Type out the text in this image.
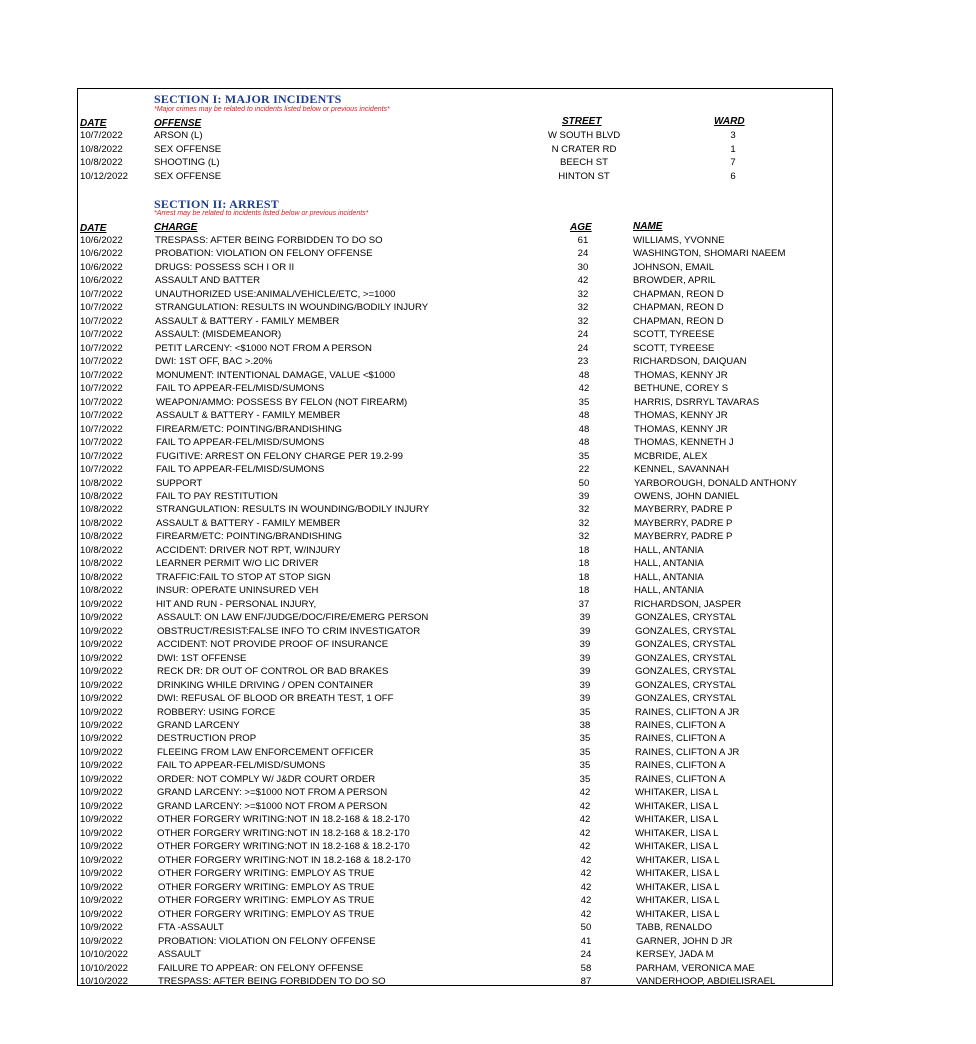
SECTION I: MAJOR INCIDENTS
*Major crimes may be related to incidents listed below or previous incidents*
DATE	OFFENSE	STREET	WARD
10/7/2022	ARSON (L)	W SOUTH BLVD	3
10/8/2022	SEX OFFENSE	N CRATER RD	1
10/8/2022	SHOOTING (L)	BEECH ST	7
10/12/2022	SEX OFFENSE	HINTON ST	6
SECTION II: ARREST
*Arrest may be related to incidents listed below or previous incidents*
DATE	CHARGE	AGE	NAME
10/6/2022	TRESPASS: AFTER BEING FORBIDDEN TO DO SO	61	WILLIAMS, YVONNE
10/6/2022	PROBATION: VIOLATION ON FELONY OFFENSE	24	WASHINGTON, SHOMARI NAEEM
10/6/2022	DRUGS: POSSESS SCH I OR II	30	JOHNSON, EMAIL
10/6/2022	ASSAULT AND BATTER	42	BROWDER, APRIL
10/7/2022	UNAUTHORIZED USE:ANIMAL/VEHICLE/ETC, >=1000	32	CHAPMAN, REON D
10/7/2022	STRANGULATION: RESULTS IN WOUNDING/BODILY INJURY	32	CHAPMAN, REON D
10/7/2022	ASSAULT & BATTERY - FAMILY MEMBER	32	CHAPMAN, REON D
10/7/2022	ASSAULT: (MISDEMEANOR)	24	SCOTT, TYREESE
10/7/2022	PETIT LARCENY: <$1000 NOT FROM A PERSON	24	SCOTT, TYREESE
10/7/2022	DWI: 1ST OFF, BAC >.20%	23	RICHARDSON, DAIQUAN
10/7/2022	MONUMENT: INTENTIONAL DAMAGE, VALUE <$1000	48	THOMAS, KENNY JR
10/7/2022	FAIL TO APPEAR-FEL/MISD/SUMONS	42	BETHUNE, COREY S
10/7/2022	WEAPON/AMMO: POSSESS BY FELON (NOT FIREARM)	35	HARRIS, DSRRYL TAVARAS
10/7/2022	ASSAULT & BATTERY - FAMILY MEMBER	48	THOMAS, KENNY JR
10/7/2022	FIREARM/ETC: POINTING/BRANDISHING	48	THOMAS, KENNY JR
10/7/2022	FAIL TO APPEAR-FEL/MISD/SUMONS	48	THOMAS, KENNETH J
10/7/2022	FUGITIVE: ARREST ON FELONY CHARGE PER 19.2-99	35	MCBRIDE, ALEX
10/7/2022	FAIL TO APPEAR-FEL/MISD/SUMONS	22	KENNEL, SAVANNAH
10/8/2022	SUPPORT	50	YARBOROUGH, DONALD ANTHONY
10/8/2022	FAIL TO PAY RESTITUTION	39	OWENS, JOHN DANIEL
10/8/2022	STRANGULATION: RESULTS IN WOUNDING/BODILY INJURY	32	MAYBERRY, PADRE P
10/8/2022	ASSAULT & BATTERY - FAMILY MEMBER	32	MAYBERRY, PADRE P
10/8/2022	FIREARM/ETC: POINTING/BRANDISHING	32	MAYBERRY, PADRE P
10/8/2022	ACCIDENT: DRIVER NOT RPT, W/INJURY	18	HALL, ANTANIA
10/8/2022	LEARNER PERMIT W/O LIC DRIVER	18	HALL, ANTANIA
10/8/2022	TRAFFIC:FAIL TO STOP AT STOP SIGN	18	HALL, ANTANIA
10/8/2022	INSUR: OPERATE UNINSURED VEH	18	HALL, ANTANIA
10/9/2022	HIT AND RUN - PERSONAL INJURY,	37	RICHARDSON, JASPER
10/9/2022	ASSAULT: ON LAW ENF/JUDGE/DOC/FIRE/EMERG PERSON	39	GONZALES, CRYSTAL
10/9/2022	OBSTRUCT/RESIST:FALSE INFO TO CRIM INVESTIGATOR	39	GONZALES, CRYSTAL
10/9/2022	ACCIDENT: NOT PROVIDE PROOF OF INSURANCE	39	GONZALES, CRYSTAL
10/9/2022	DWI: 1ST OFFENSE	39	GONZALES, CRYSTAL
10/9/2022	RECK DR: DR OUT OF CONTROL OR BAD BRAKES	39	GONZALES, CRYSTAL
10/9/2022	DRINKING WHILE DRIVING / OPEN CONTAINER	39	GONZALES, CRYSTAL
10/9/2022	DWI: REFUSAL OF BLOOD OR BREATH TEST, 1 OFF	39	GONZALES, CRYSTAL
10/9/2022	ROBBERY: USING FORCE	35	RAINES, CLIFTON A JR
10/9/2022	GRAND LARCENY	38	RAINES, CLIFTON A
10/9/2022	DESTRUCTION PROP	35	RAINES, CLIFTON A
10/9/2022	FLEEING FROM LAW ENFORCEMENT OFFICER	35	RAINES, CLIFTON A JR
10/9/2022	FAIL TO APPEAR-FEL/MISD/SUMONS	35	RAINES, CLIFTON A
10/9/2022	ORDER: NOT COMPLY W/ J&DR COURT ORDER	35	RAINES, CLIFTON A
10/9/2022	GRAND LARCENY: >=$1000 NOT FROM A PERSON	42	WHITAKER, LISA L
10/9/2022	GRAND LARCENY: >=$1000 NOT FROM A PERSON	42	WHITAKER, LISA L
10/9/2022	OTHER FORGERY WRITING:NOT IN 18.2-168 & 18.2-170	42	WHITAKER, LISA L
10/9/2022	OTHER FORGERY WRITING:NOT IN 18.2-168 & 18.2-170	42	WHITAKER, LISA L
10/9/2022	OTHER FORGERY WRITING:NOT IN 18.2-168 & 18.2-170	42	WHITAKER, LISA L
10/9/2022	OTHER FORGERY WRITING:NOT IN 18.2-168 & 18.2-170	42	WHITAKER, LISA L
10/9/2022	OTHER FORGERY WRITING: EMPLOY AS TRUE	42	WHITAKER, LISA L
10/9/2022	OTHER FORGERY WRITING: EMPLOY AS TRUE	42	WHITAKER, LISA L
10/9/2022	OTHER FORGERY WRITING: EMPLOY AS TRUE	42	WHITAKER, LISA L
10/9/2022	OTHER FORGERY WRITING: EMPLOY AS TRUE	42	WHITAKER, LISA L
10/9/2022	FTA -ASSAULT	50	TABB, RENALDO
10/9/2022	PROBATION: VIOLATION ON FELONY OFFENSE	41	GARNER, JOHN D JR
10/10/2022	ASSAULT	24	KERSEY, JADA M
10/10/2022	FAILURE TO APPEAR: ON FELONY OFFENSE	58	PARHAM, VERONICA MAE
10/10/2022	TRESPASS: AFTER BEING FORBIDDEN TO DO SO	87	VANDERHOOP, ABDIELISRAEL
